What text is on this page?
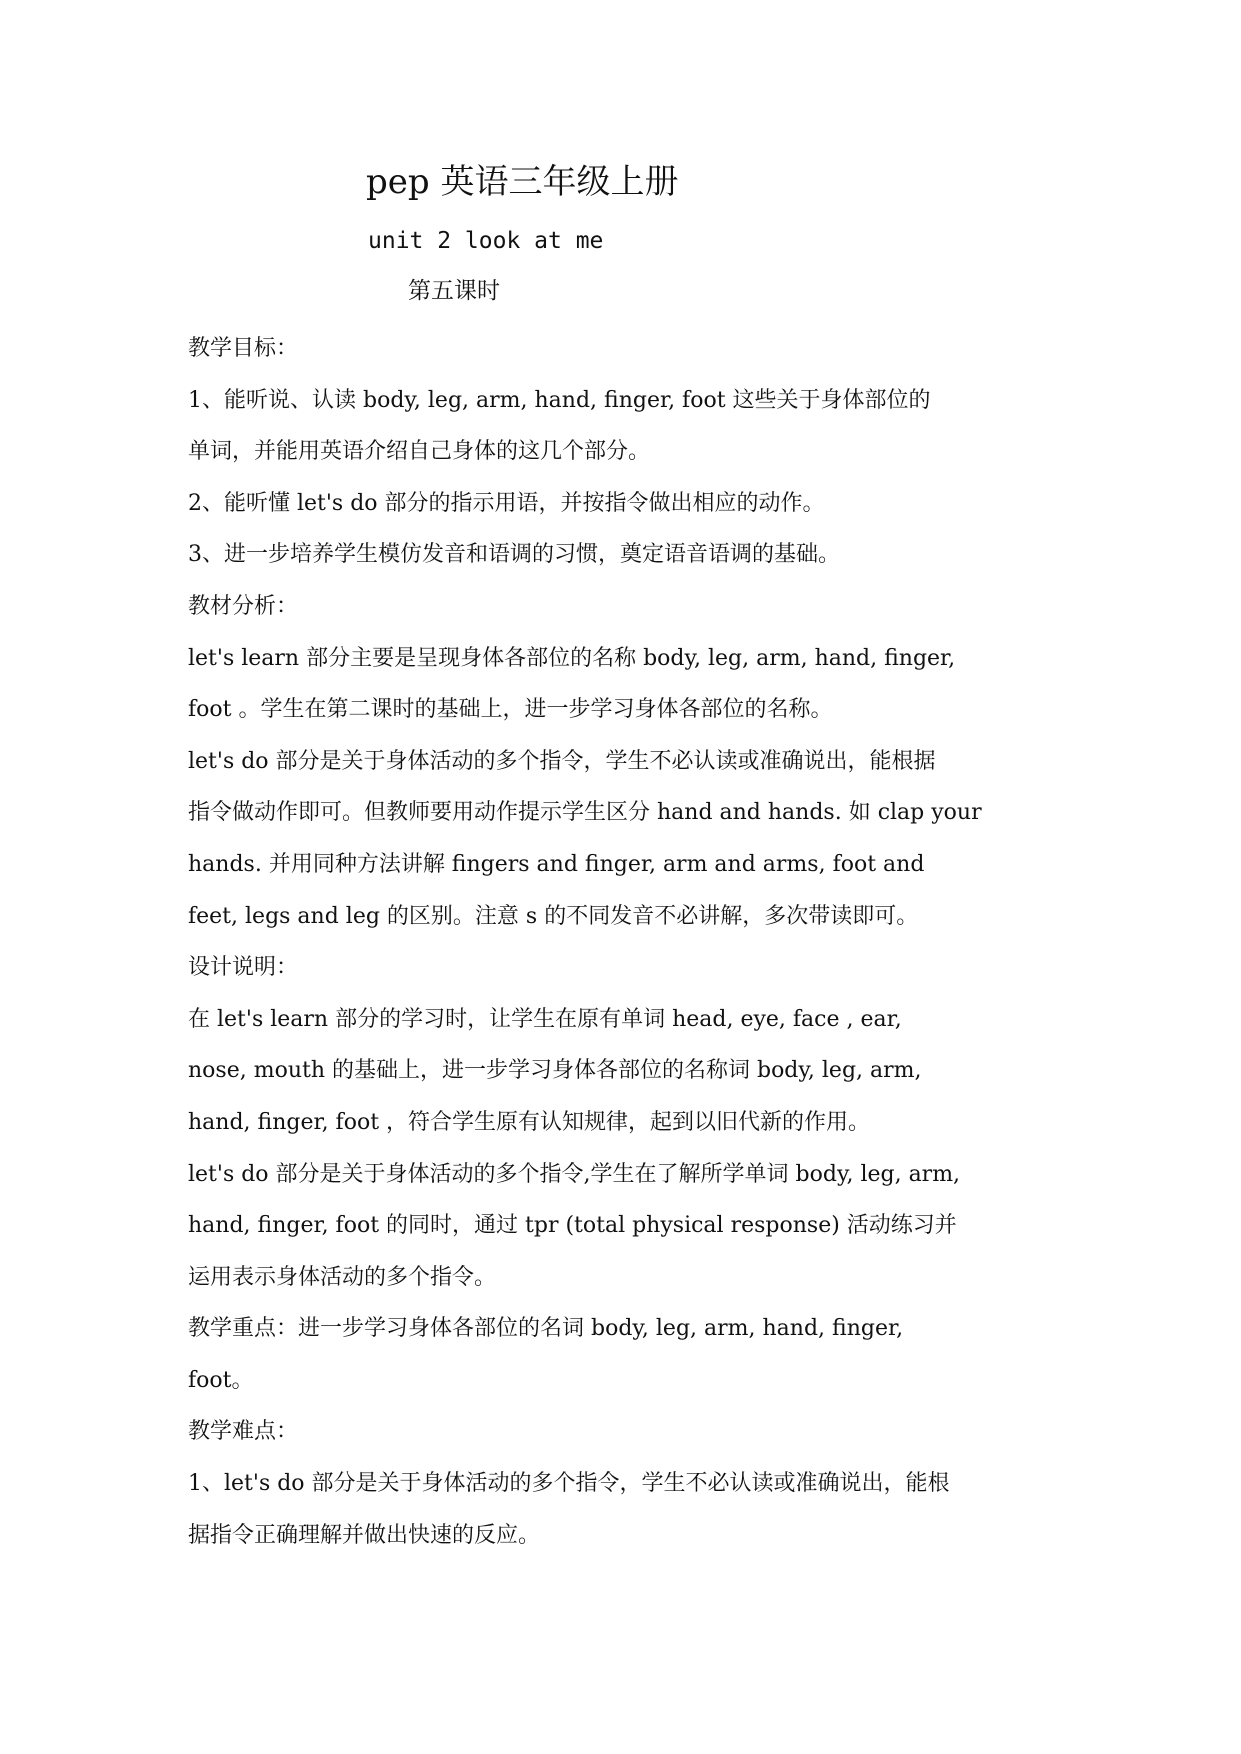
pep 英语三年级上册
unit 2 look at me
第五课时
教学目标：
1、能听说、认读 body, leg, arm, hand, finger, foot 这些关于身体部位的
单词，并能用英语介绍自己身体的这几个部分。
2、能听懂 let's do 部分的指示用语，并按指令做出相应的动作。
3、进一步培养学生模仿发音和语调的习惯，奠定语音语调的基础。
教材分析：
let's learn 部分主要是呈现身体各部位的名称 body, leg, arm, hand, finger,
foot 。学生在第二课时的基础上，进一步学习身体各部位的名称。
let's do 部分是关于身体活动的多个指令，学生不必认读或准确说出，能根据
指令做动作即可。但教师要用动作提示学生区分 hand and hands. 如 clap your
hands. 并用同种方法讲解 fingers and finger, arm and arms, foot and
feet, legs and leg 的区别。注意 s 的不同发音不必讲解，多次带读即可。
设计说明：
在 let's learn 部分的学习时，让学生在原有单词 head, eye, face , ear,
nose, mouth 的基础上，进一步学习身体各部位的名称词 body, leg, arm,
hand, finger, foot ，符合学生原有认知规律，起到以旧代新的作用。
let's do 部分是关于身体活动的多个指令,学生在了解所学单词 body, leg, arm,
hand, finger, foot 的同时，通过 tpr (total physical response) 活动练习并
运用表示身体活动的多个指令。
教学重点：进一步学习身体各部位的名词 body, leg, arm, hand, finger,
foot。
教学难点：
1、let's do 部分是关于身体活动的多个指令，学生不必认读或准确说出，能根
据指令正确理解并做出快速的反应。
